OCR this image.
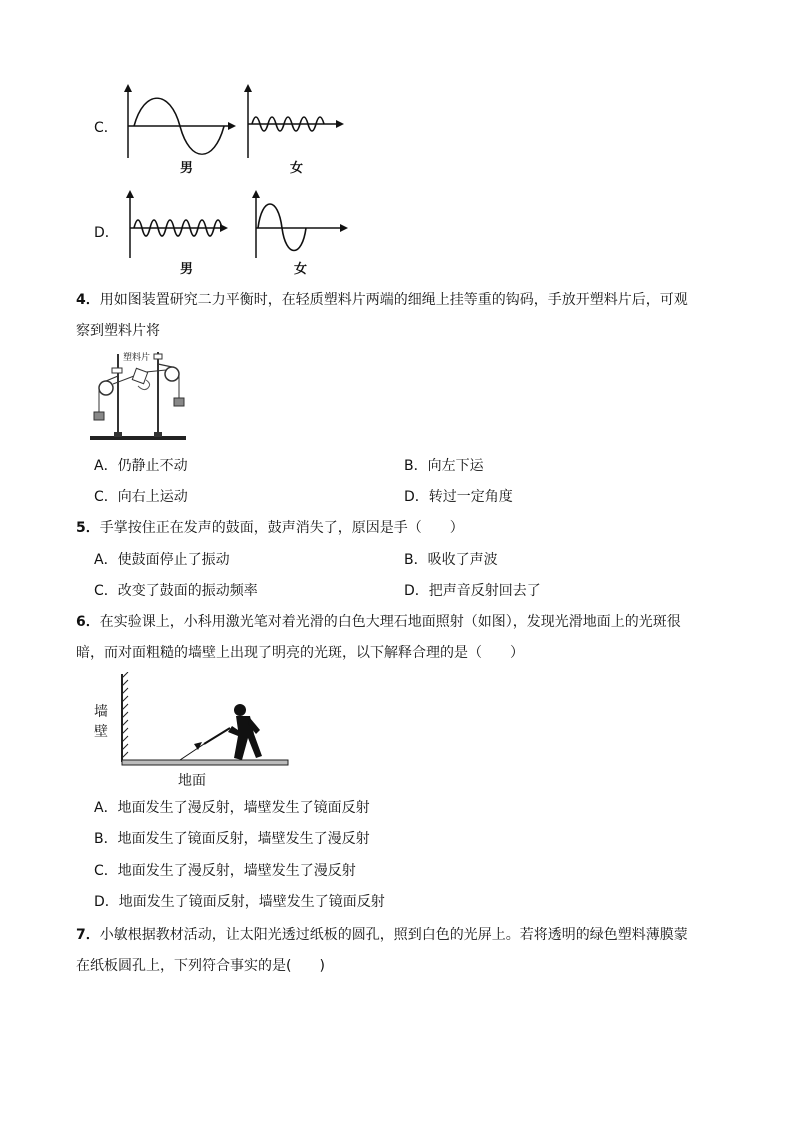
C．
男	女
D．
男	女
4．用如图装置研究二力平衡时，在轻质塑料片两端的细绳上挂等重的钩码，手放开塑料片后，可观
察到塑料片将
塑料片
A．仍静止不动	B．向左下运
C．向右上运动	D．转过一定角度
5．手掌按住正在发声的鼓面，鼓声消失了，原因是手（　　）
A．使鼓面停止了振动	B．吸收了声波
C．改变了鼓面的振动频率	D．把声音反射回去了
6．在实验课上，小科用激光笔对着光滑的白色大理石地面照射（如图），发现光滑地面上的光斑很
暗，而对面粗糙的墙壁上出现了明亮的光斑，以下解释合理的是（　　）
墙
壁
地面
A．地面发生了漫反射，墙壁发生了镜面反射
B．地面发生了镜面反射，墙壁发生了漫反射
C．地面发生了漫反射，墙壁发生了漫反射
D．地面发生了镜面反射，墙壁发生了镜面反射
7．小敏根据教材活动，让太阳光透过纸板的圆孔，照到白色的光屏上。若将透明的绿色塑料薄膜蒙
在纸板圆孔上，下列符合事实的是(　　)
